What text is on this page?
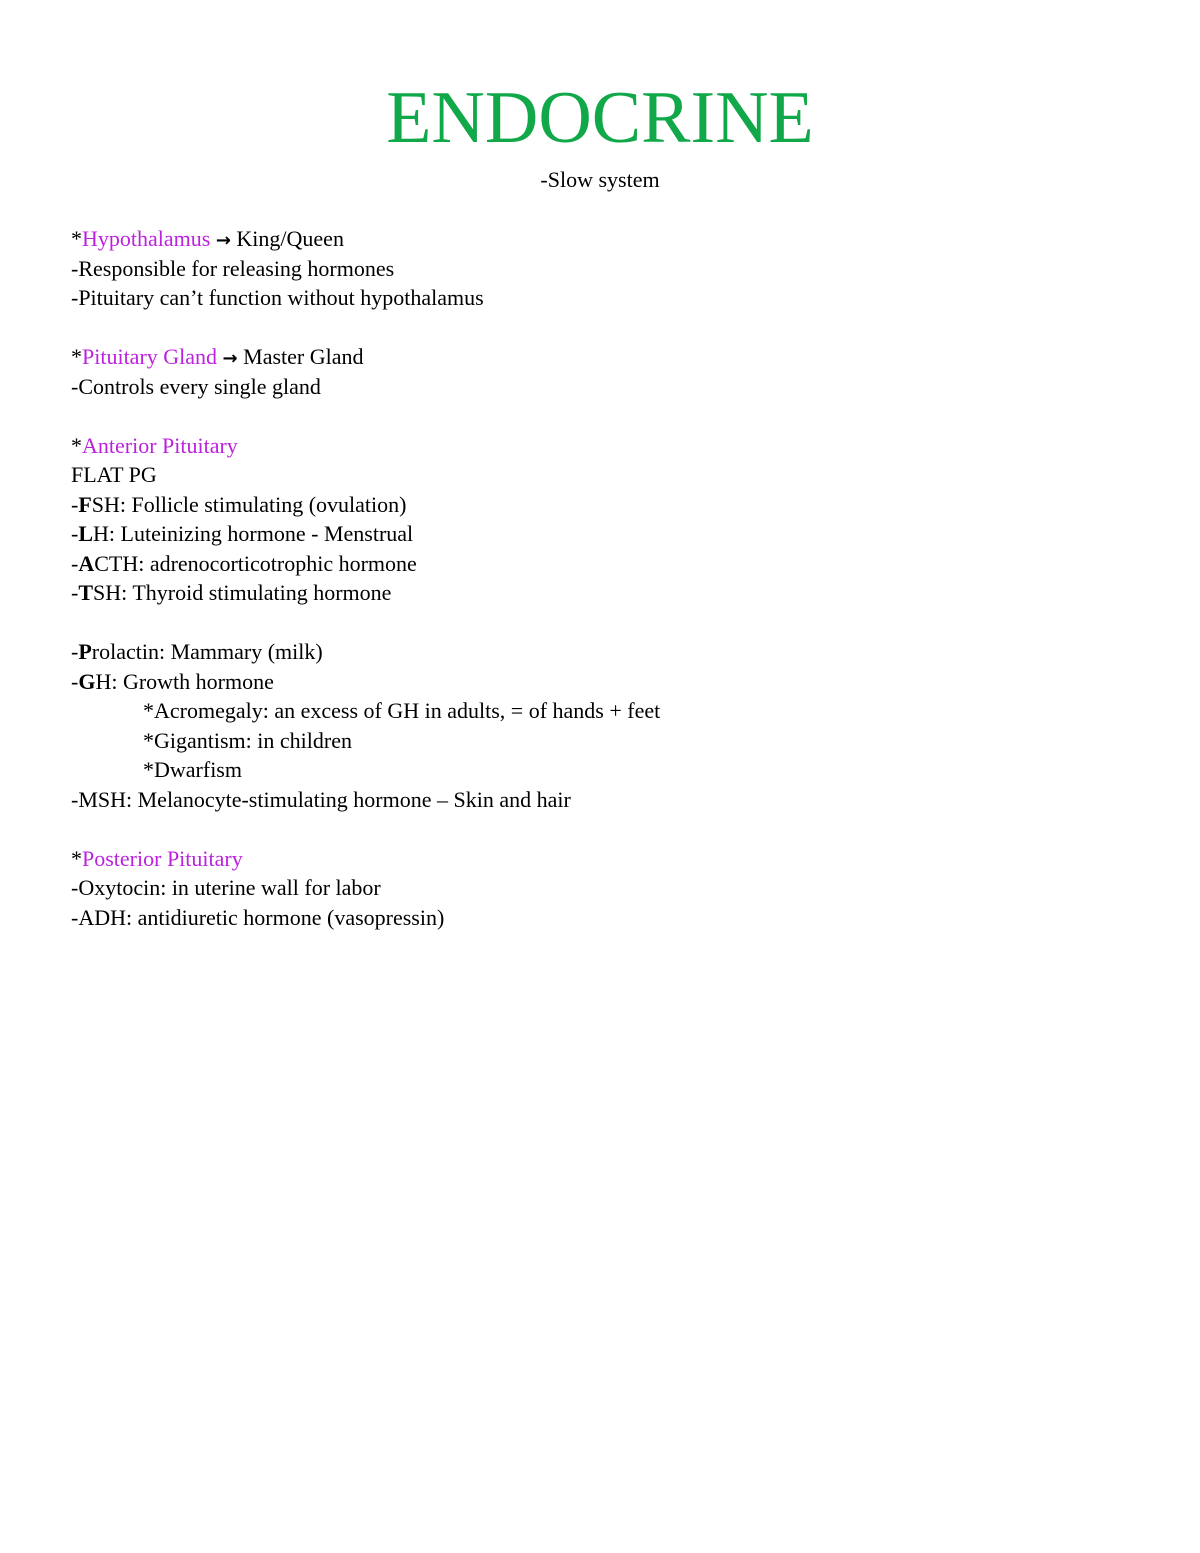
ENDOCRINE
-Slow system
*Hypothalamus → King/Queen
-Responsible for releasing hormones
-Pituitary can’t function without hypothalamus
*Pituitary Gland → Master Gland
-Controls every single gland
*Anterior Pituitary
FLAT PG
-FSH: Follicle stimulating (ovulation)
-LH: Luteinizing hormone - Menstrual
-ACTH: adrenocorticotrophic hormone
-TSH: Thyroid stimulating hormone
-Prolactin: Mammary (milk)
-GH: Growth hormone
*Acromegaly: an excess of GH in adults, = of hands + feet
*Gigantism: in children
*Dwarfism
-MSH: Melanocyte-stimulating hormone – Skin and hair
*Posterior Pituitary
-Oxytocin: in uterine wall for labor
-ADH: antidiuretic hormone (vasopressin)
